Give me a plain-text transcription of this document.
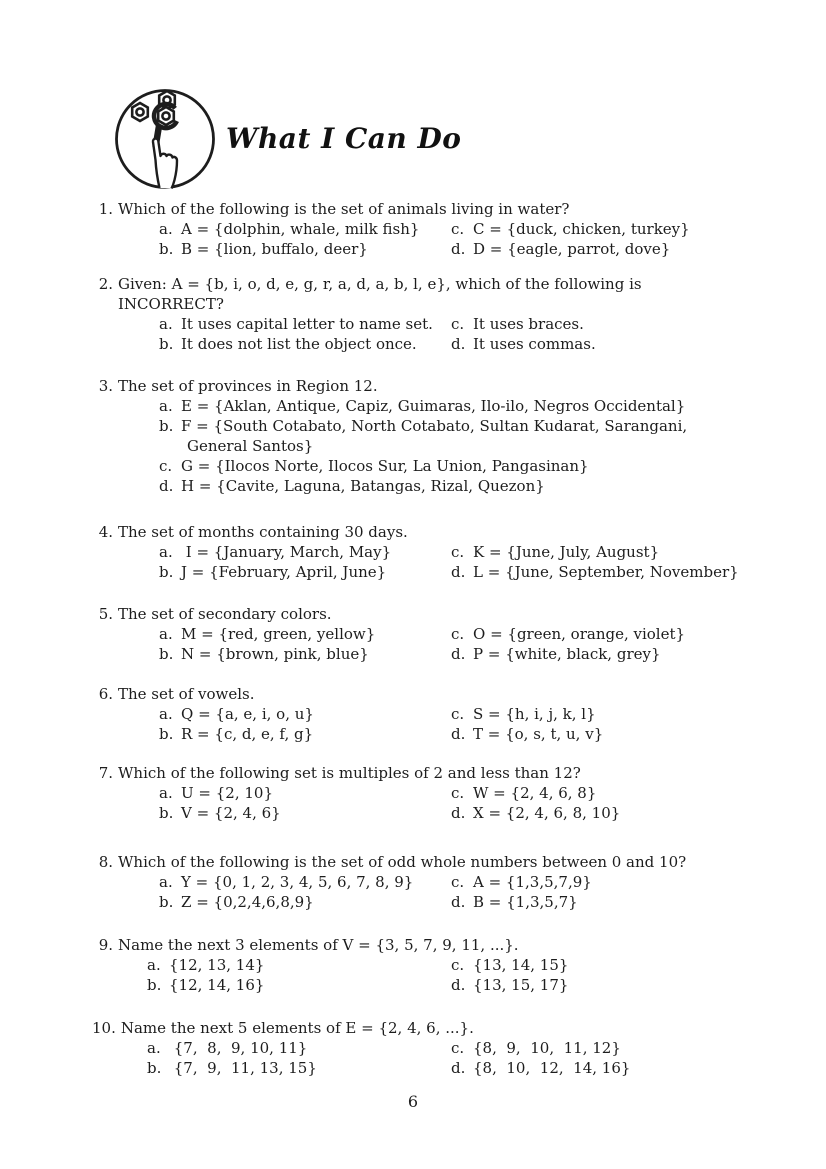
What I Can Do
1. Which of the following is the set of animals living in water?
a. A = {dolphin, whale, milk fish}
b. B = {lion, buffalo, deer}
c. C = {duck, chicken, turkey}
d. D = {eagle, parrot, dove}
2. Given: A = {b, i, o, d, e, g, r, a, d, a, b, l, e}, which of the following is
INCORRECT?
a. It uses capital letter to name set.
b. It does not list the object once.
c. It uses braces.
d. It uses commas.
3. The set of provinces in Region 12.
a. E = {Aklan, Antique, Capiz, Guimaras, Ilo-ilo, Negros Occidental}
b. F = {South Cotabato, North Cotabato, Sultan Kudarat, Sarangani,
General Santos}
c. G = {Ilocos Norte, Ilocos Sur, La Union, Pangasinan}
d. H = {Cavite, Laguna, Batangas, Rizal, Quezon}
4. The set of months containing 30 days.
a. I = {January, March, May}
b. J = {February, April, June}
c. K = {June, July, August}
d. L = {June, September, November}
5. The set of secondary colors.
a. M = {red, green, yellow}
b. N = {brown, pink, blue}
c. O = {green, orange, violet}
d. P = {white, black, grey}
6. The set of vowels.
a. Q = {a, e, i, o, u}
b. R = {c, d, e, f, g}
c. S = {h, i, j, k, l}
d. T = {o, s, t, u, v}
7. Which of the following set is multiples of 2 and less than 12?
a. U = {2, 10}
b. V = {2, 4, 6}
c. W = {2, 4, 6, 8}
d. X = {2, 4, 6, 8, 10}
8. Which of the following is the set of odd whole numbers between 0 and 10?
a. Y = {0, 1, 2, 3, 4, 5, 6, 7, 8, 9}
b. Z = {0,2,4,6,8,9}
c. A = {1,3,5,7,9}
d. B = {1,3,5,7}
9. Name the next 3 elements of V = {3, 5, 7, 9, 11, ...}.
a. {12, 13, 14}
b. {12, 14, 16}
c. {13, 14, 15}
d. {13, 15, 17}
10. Name the next 5 elements of E = {2, 4, 6, ...}.
a. {7,  8,  9, 10, 11}
b. {7,  9,  11, 13, 15}
c. {8,  9,  10,  11, 12}
d. {8,  10,  12,  14, 16}
6
